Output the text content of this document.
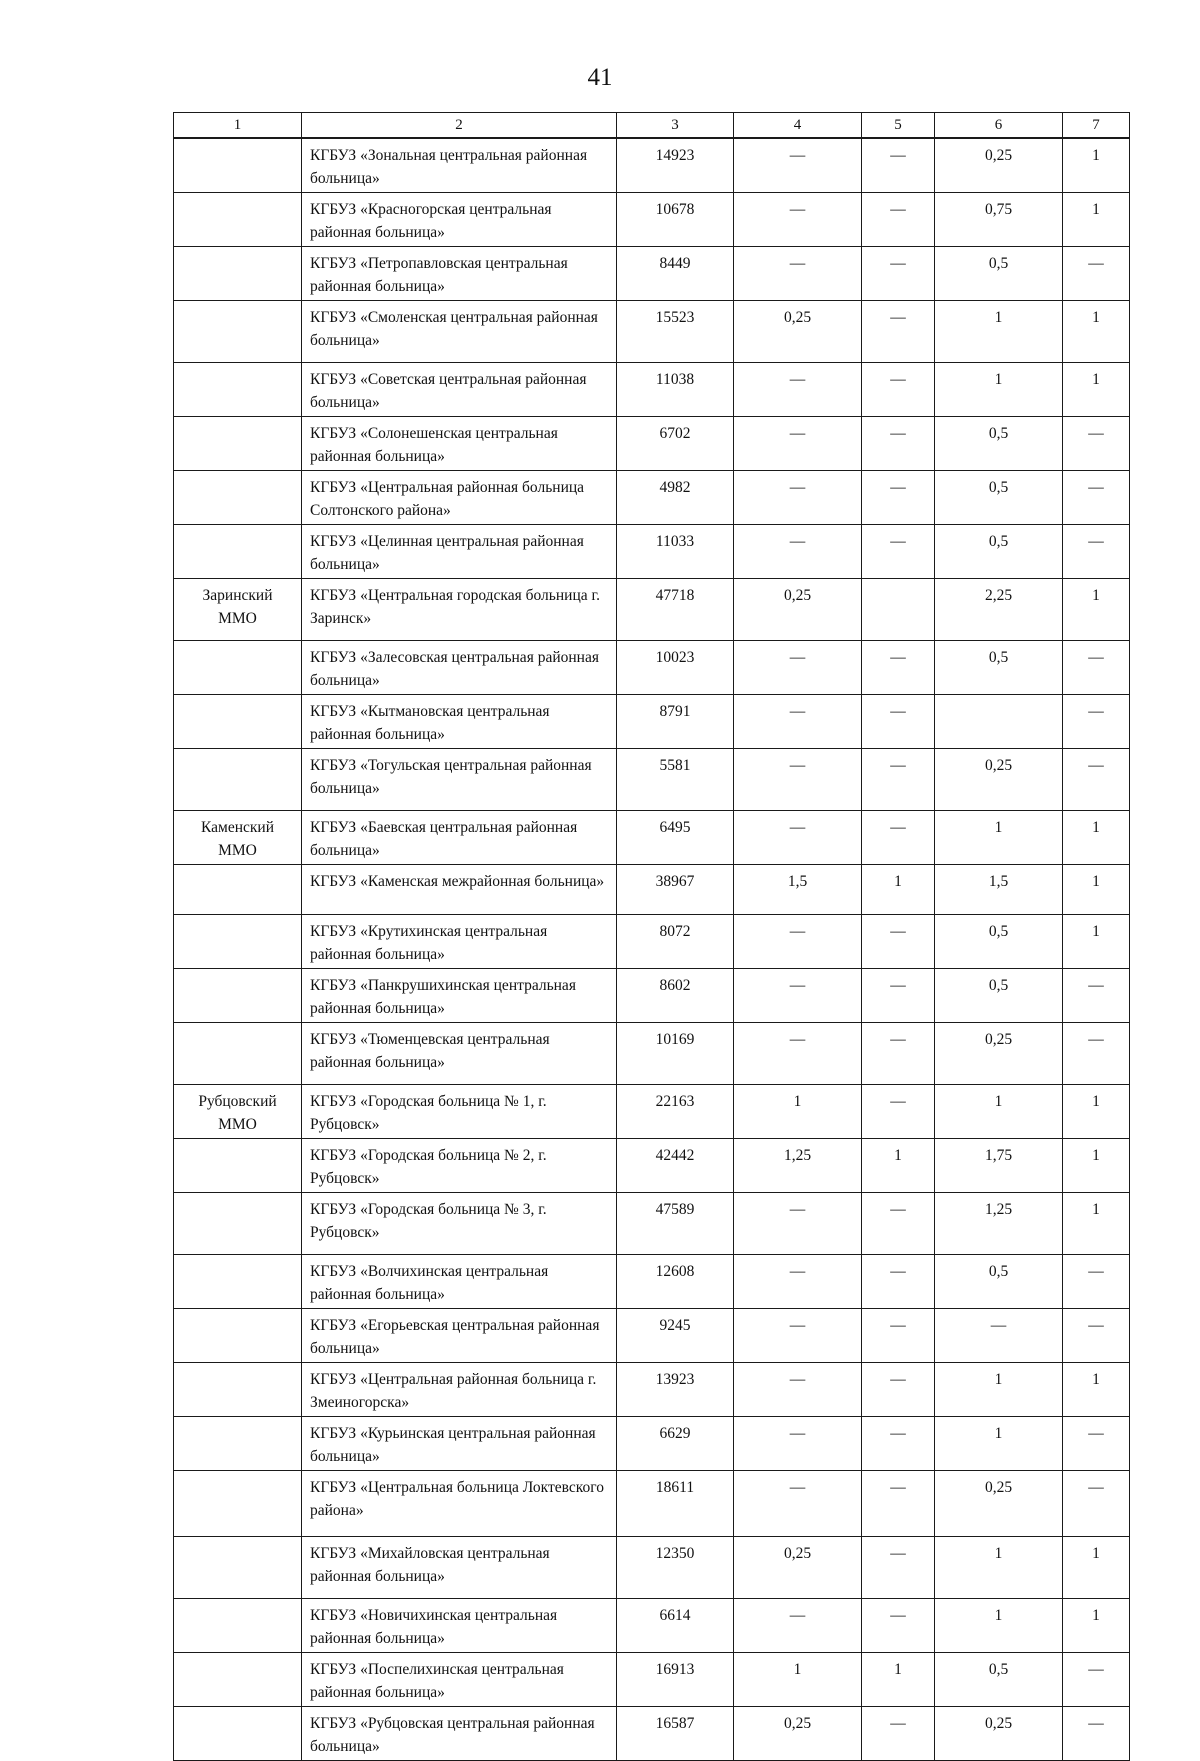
41
1	2	3	4	5	6	7
	КГБУЗ «Зональная центральная районная больница»	14923	—	—	0,25	1
	КГБУЗ «Красногорская центральная районная больница»	10678	—	—	0,75	1
	КГБУЗ «Петропавловская центральная районная больница»	8449	—	—	0,5	—
	КГБУЗ «Смоленская центральная районная больница»	15523	0,25	—	1	1
	КГБУЗ «Советская центральная районная больница»	11038	—	—	1	1
	КГБУЗ «Солонешенская центральная районная больница»	6702	—	—	0,5	—
	КГБУЗ «Центральная районная больница Солтонского района»	4982	—	—	0,5	—
	КГБУЗ «Целинная центральная районная больница»	11033	—	—	0,5	—
Заринский ММО	КГБУЗ «Центральная городская больница г. Заринск»	47718	0,25		2,25	1
	КГБУЗ «Залесовская центральная районная больница»	10023	—	—	0,5	—
	КГБУЗ «Кытмановская центральная районная больница»	8791	—	—		—
	КГБУЗ «Тогульская центральная районная больница»	5581	—	—	0,25	—
Каменский ММО	КГБУЗ «Баевская центральная районная больница»	6495	—	—	1	1
	КГБУЗ «Каменская межрайонная больница»	38967	1,5	1	1,5	1
	КГБУЗ «Крутихинская центральная районная больница»	8072	—	—	0,5	1
	КГБУЗ «Панкрушихинская центральная районная больница»	8602	—	—	0,5	—
	КГБУЗ «Тюменцевская центральная районная больница»	10169	—	—	0,25	—
Рубцовский ММО	КГБУЗ «Городская больница № 1, г. Рубцовск»	22163	1	—	1	1
	КГБУЗ «Городская больница № 2, г. Рубцовск»	42442	1,25	1	1,75	1
	КГБУЗ «Городская больница № 3, г. Рубцовск»	47589	—	—	1,25	1
	КГБУЗ «Волчихинская центральная районная больница»	12608	—	—	0,5	—
	КГБУЗ «Егорьевская центральная районная больница»	9245	—	—	—	—
	КГБУЗ «Центральная районная больница г. Змеиногорска»	13923	—	—	1	1
	КГБУЗ «Курьинская центральная районная больница»	6629	—	—	1	—
	КГБУЗ «Центральная больница Локтевского района»	18611	—	—	0,25	—
	КГБУЗ «Михайловская центральная районная больница»	12350	0,25	—	1	1
	КГБУЗ «Новичихинская центральная районная больница»	6614	—	—	1	1
	КГБУЗ «Поспелихинская центральная районная больница»	16913	1	1	0,5	—
	КГБУЗ «Рубцовская центральная районная больница»	16587	0,25	—	0,25	—
